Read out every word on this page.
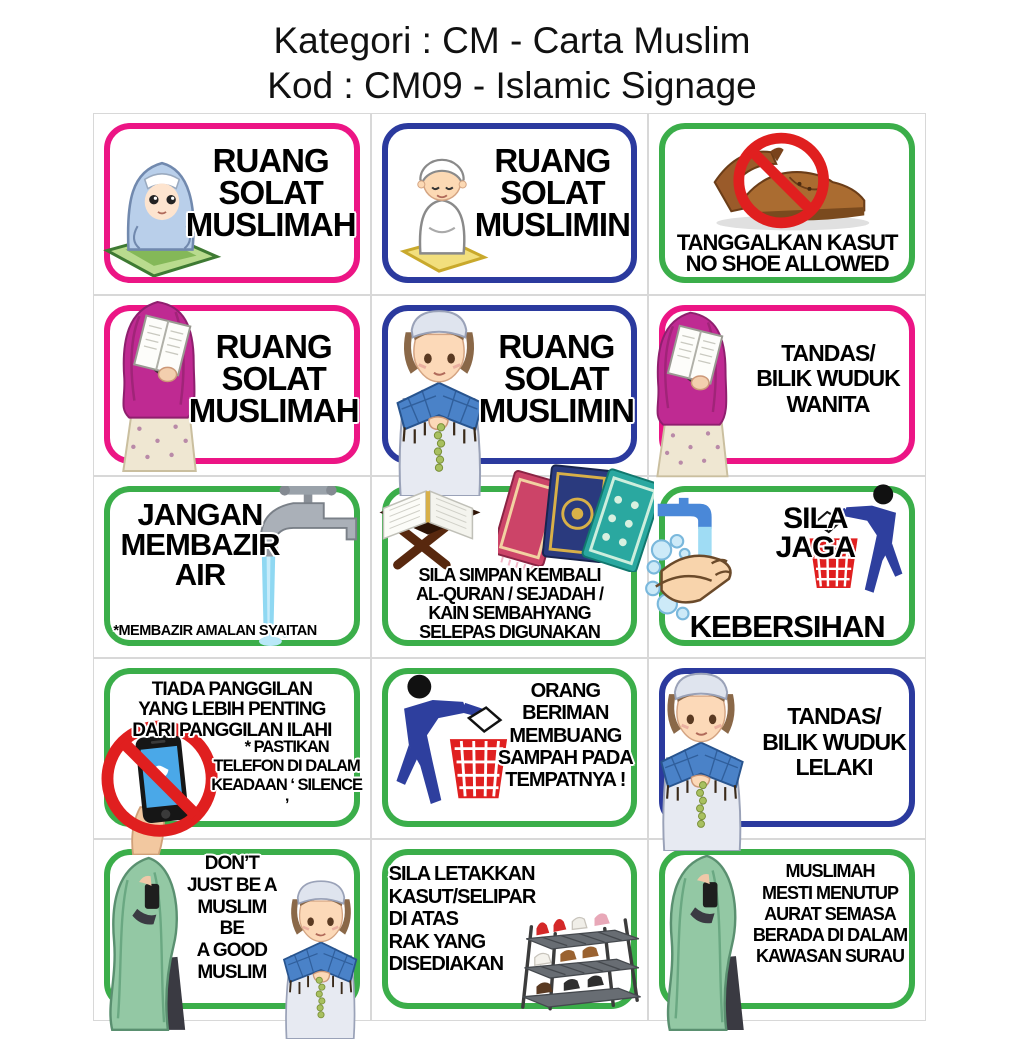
Kategori : CM - Carta Muslim
Kod : CM09 - Islamic Signage
RUANG
SOLAT
MUSLIMAH
RUANG
SOLAT
MUSLIMIN	TANGGALKAN KASUT
NO SHOE ALLOWED
RUANG
SOLAT
MUSLIMAH
RUANG
SOLAT
MUSLIMIN
TANDAS/
BILIK WUDUK
WANITA
JANGAN
MEMBAZIR
AIR
*MEMBAZIR AMALAN SYAITAN
SILA SIMPAN KEMBALI
AL-QURAN / SEJADAH /
KAIN SEMBAHYANG
SELEPAS DIGUNAKAN
SILA
JAGA
KEBERSIHAN
TIADA PANGGILAN
YANG LEBIH PENTING
DARI PANGGILAN ILAHI
* PASTIKAN
TELEFON DI DALAM
KEADAAN ‘ SILENCE ’
ORANG
BERIMAN
MEMBUANG
SAMPAH PADA
TEMPATNYA !
TANDAS/
BILIK WUDUK
LELAKI
DON’T
JUST BE A
MUSLIM
BE
A GOOD
MUSLIM
SILA LETAKKAN
KASUT/SELIPAR
DI ATAS
RAK YANG
DISEDIAKAN
MUSLIMAH
MESTI MENUTUP
AURAT SEMASA
BERADA DI DALAM
KAWASAN SURAU
